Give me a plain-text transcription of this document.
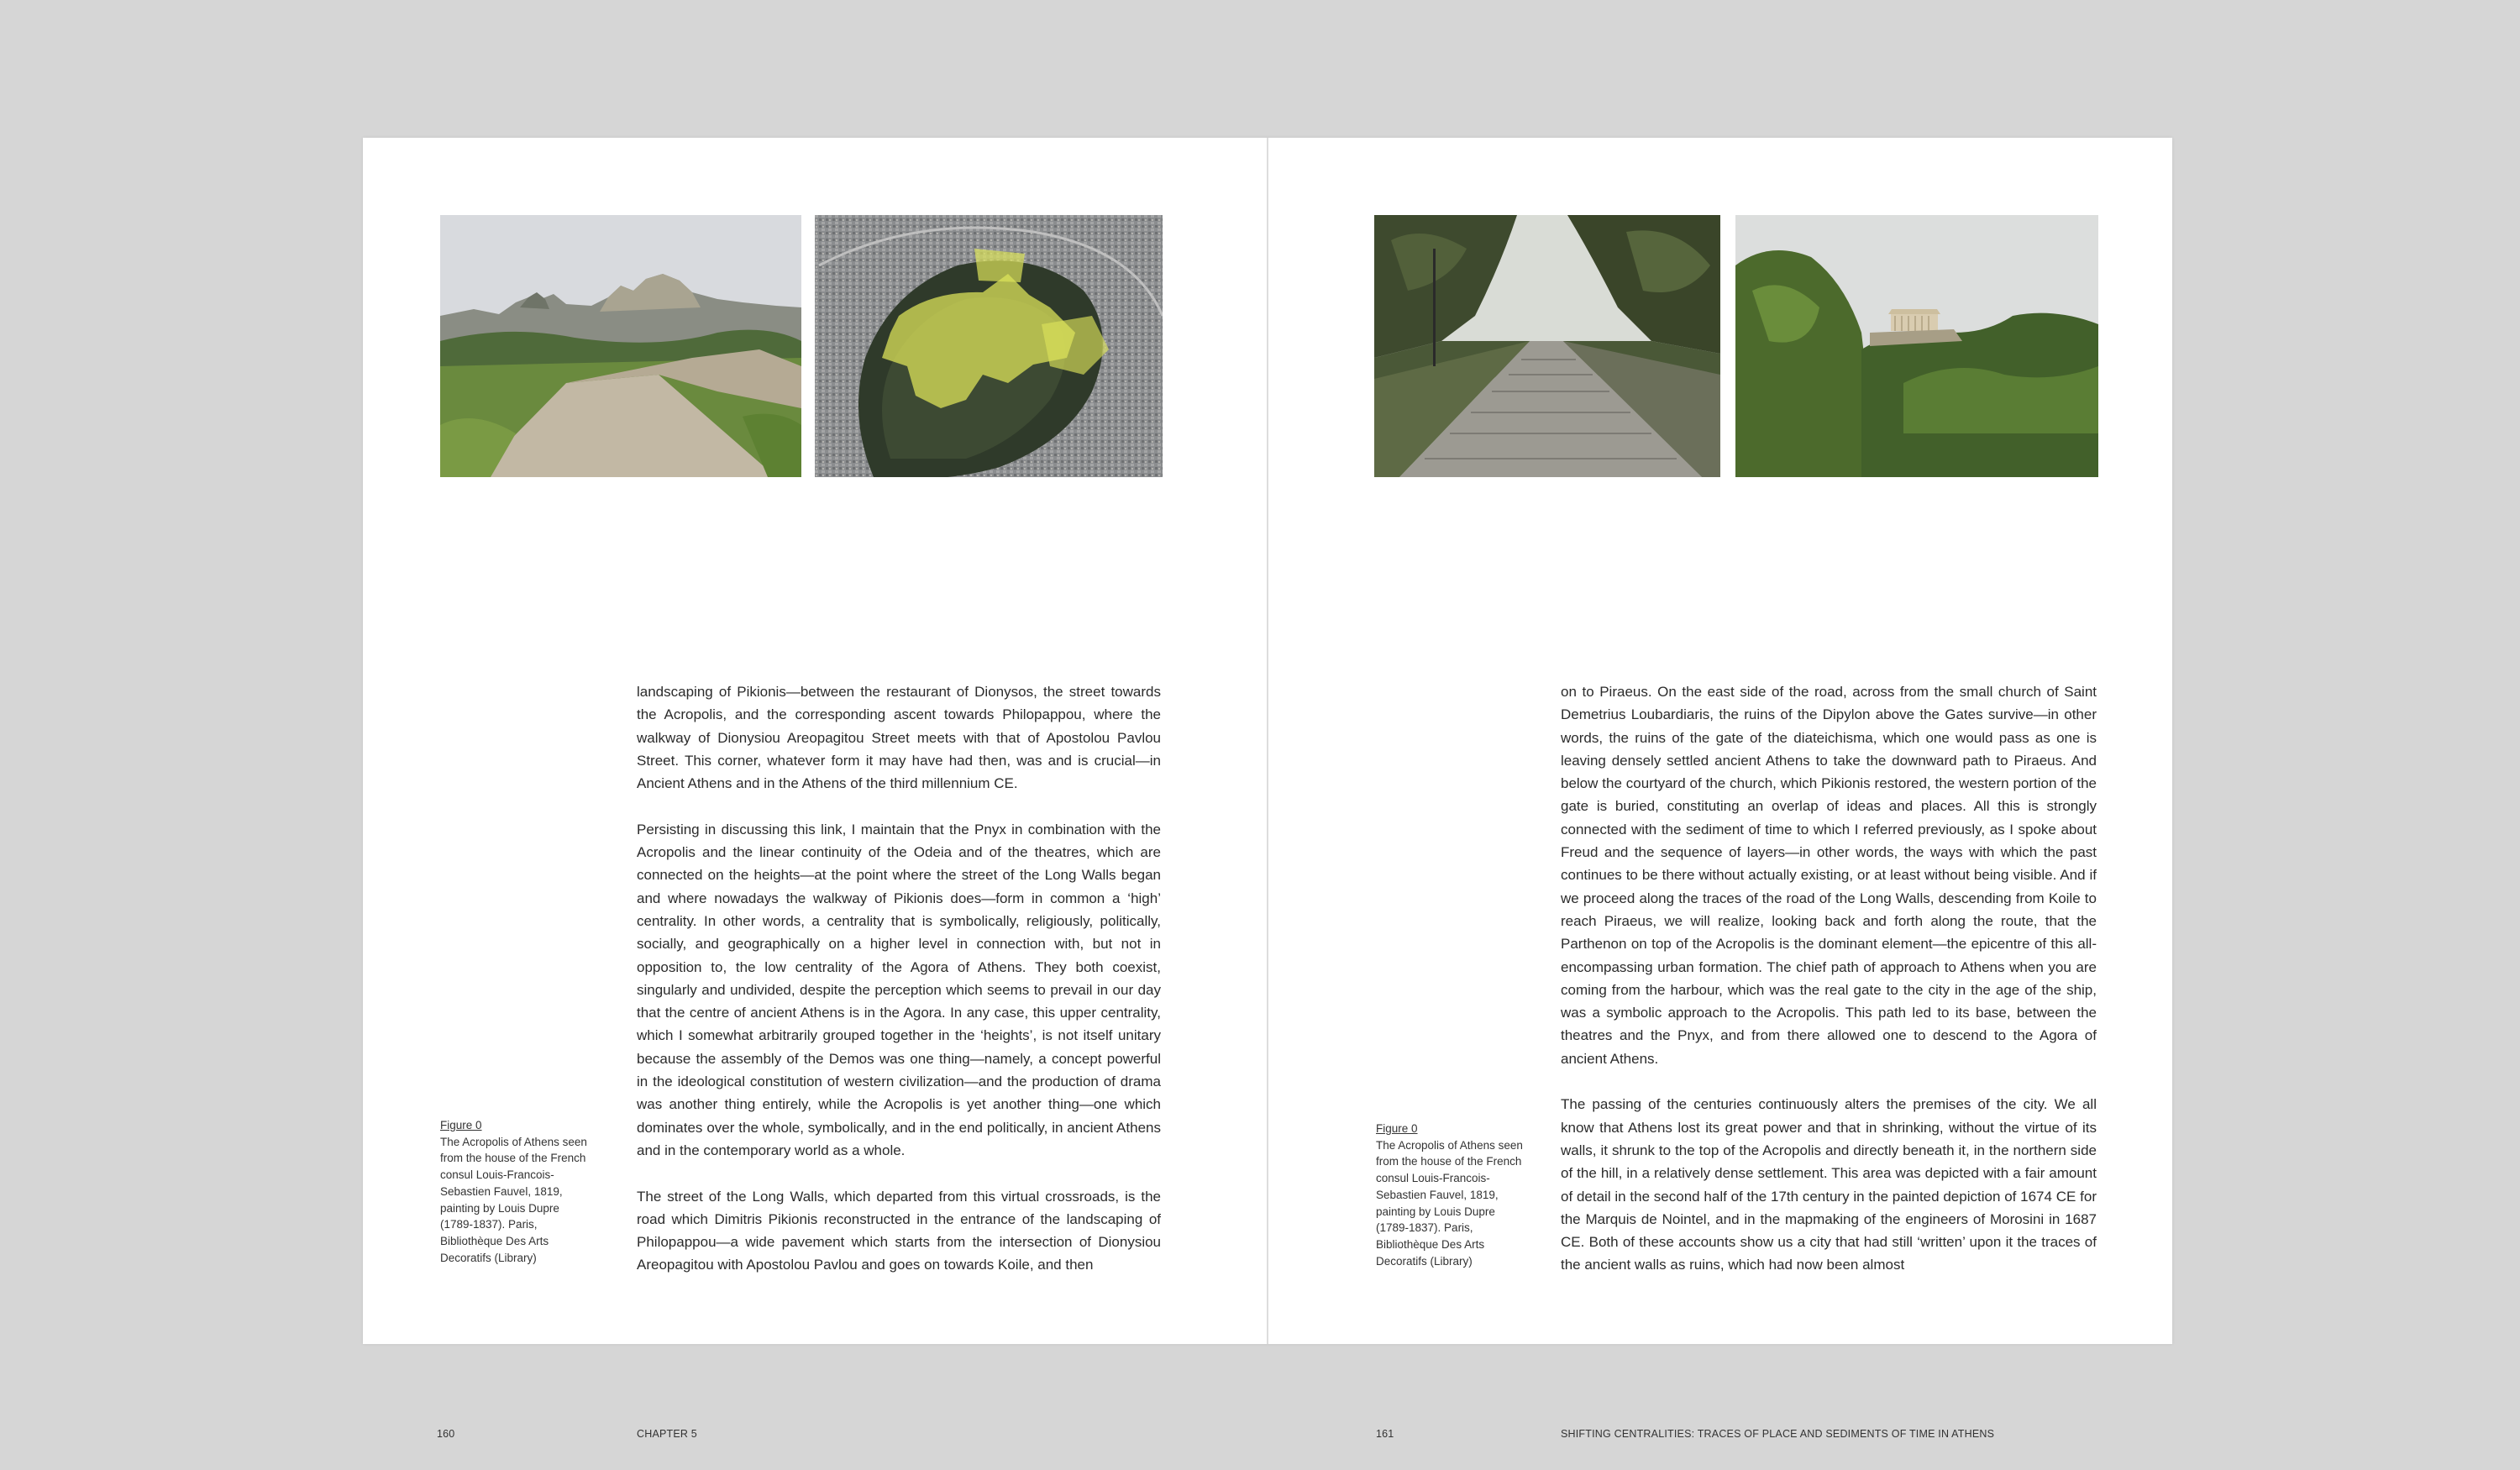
landscaping of Pikionis—between the restaurant of Dionysos, the street towards the Acropolis, and the corresponding ascent towards Philopappou, where the walkway of Dionysiou Areopagitou Street meets with that of Apostolou Pavlou Street. This corner, whatever form it may have had then, was and is crucial—in Ancient Athens and in the Athens of the third millennium CE.

Persisting in discussing this link, I maintain that the Pnyx in combination with the Acropolis and the linear continuity of the Odeia and of the theatres, which are connected on the heights—at the point where the street of the Long Walls began and where nowadays the walkway of Pikionis does—form in common a ‘high’ centrality. In other words, a centrality that is symbolically, religiously, politically, socially, and geographically on a higher level in connection with, but not in opposition to, the low centrality of the Agora of Athens. They both coexist, singularly and undivided, despite the perception which seems to prevail in our day that the centre of ancient Athens is in the Agora. In any case, this upper centrality, which I somewhat arbitrarily grouped together in the ‘heights’, is not itself unitary because the assembly of the Demos was one thing—namely, a concept powerful in the ideological constitution of western civilization—and the production of drama was another thing entirely, while the Acropolis is yet another thing—one which dominates over the whole, symbolically, and in the end politically, in ancient Athens and in the contemporary world as a whole.

The street of the Long Walls, which departed from this virtual crossroads, is the road which Dimitris Pikionis reconstructed in the entrance of the landscaping of Philopappou—a wide pavement which starts from the intersection of Dionysiou Areopagitou with Apostolou Pavlou and goes on towards Koile, and then

Figure 0
The Acropolis of Athens seen from the house of the French consul Louis-Francois-Sebastien Fauvel, 1819, painting by Louis Dupre (1789-1837). Paris, Bibliothèque Des Arts Decoratifs (Library)
160	CHAPTER 5

on to Piraeus. On the east side of the road, across from the small church of Saint Demetrius Loubardiaris, the ruins of the Dipylon above the Gates survive—in other words, the ruins of the gate of the diateichisma, which one would pass as one is leaving densely settled ancient Athens to take the downward path to Piraeus. And below the courtyard of the church, which Pikionis restored, the western portion of the gate is buried, constituting an overlap of ideas and places. All this is strongly connected with the sediment of time to which I referred previously, as I spoke about Freud and the sequence of layers—in other words, the ways with which the past continues to be there without actually existing, or at least without being visible. And if we proceed along the traces of the road of the Long Walls, descending from Koile to reach Piraeus, we will realize, looking back and forth along the route, that the Parthenon on top of the Acropolis is the dominant element—the epicentre of this all-encompassing urban formation. The chief path of approach to Athens when you are coming from the harbour, which was the real gate to the city in the age of the ship, was a symbolic approach to the Acropolis. This path led to its base, between the theatres and the Pnyx, and from there allowed one to descend to the Agora of ancient Athens.

The passing of the centuries continuously alters the premises of the city. We all know that Athens lost its great power and that in shrinking, without the virtue of its walls, it shrunk to the top of the Acropolis and directly beneath it, in the northern side of the hill, in a relatively dense settlement. This area was depicted with a fair amount of detail in the second half of the 17th century in the painted depiction of 1674 CE for the Marquis de Nointel, and in the mapmaking of the engineers of Morosini in 1687 CE. Both of these accounts show us a city that had still ‘written’ upon it the traces of the ancient walls as ruins, which had now been almost

Figure 0
The Acropolis of Athens seen from the house of the French consul Louis-Francois-Sebastien Fauvel, 1819, painting by Louis Dupre (1789-1837). Paris, Bibliothèque Des Arts Decoratifs (Library)
161	SHIFTING CENTRALITIES: TRACES OF PLACE AND SEDIMENTS OF TIME IN ATHENS
